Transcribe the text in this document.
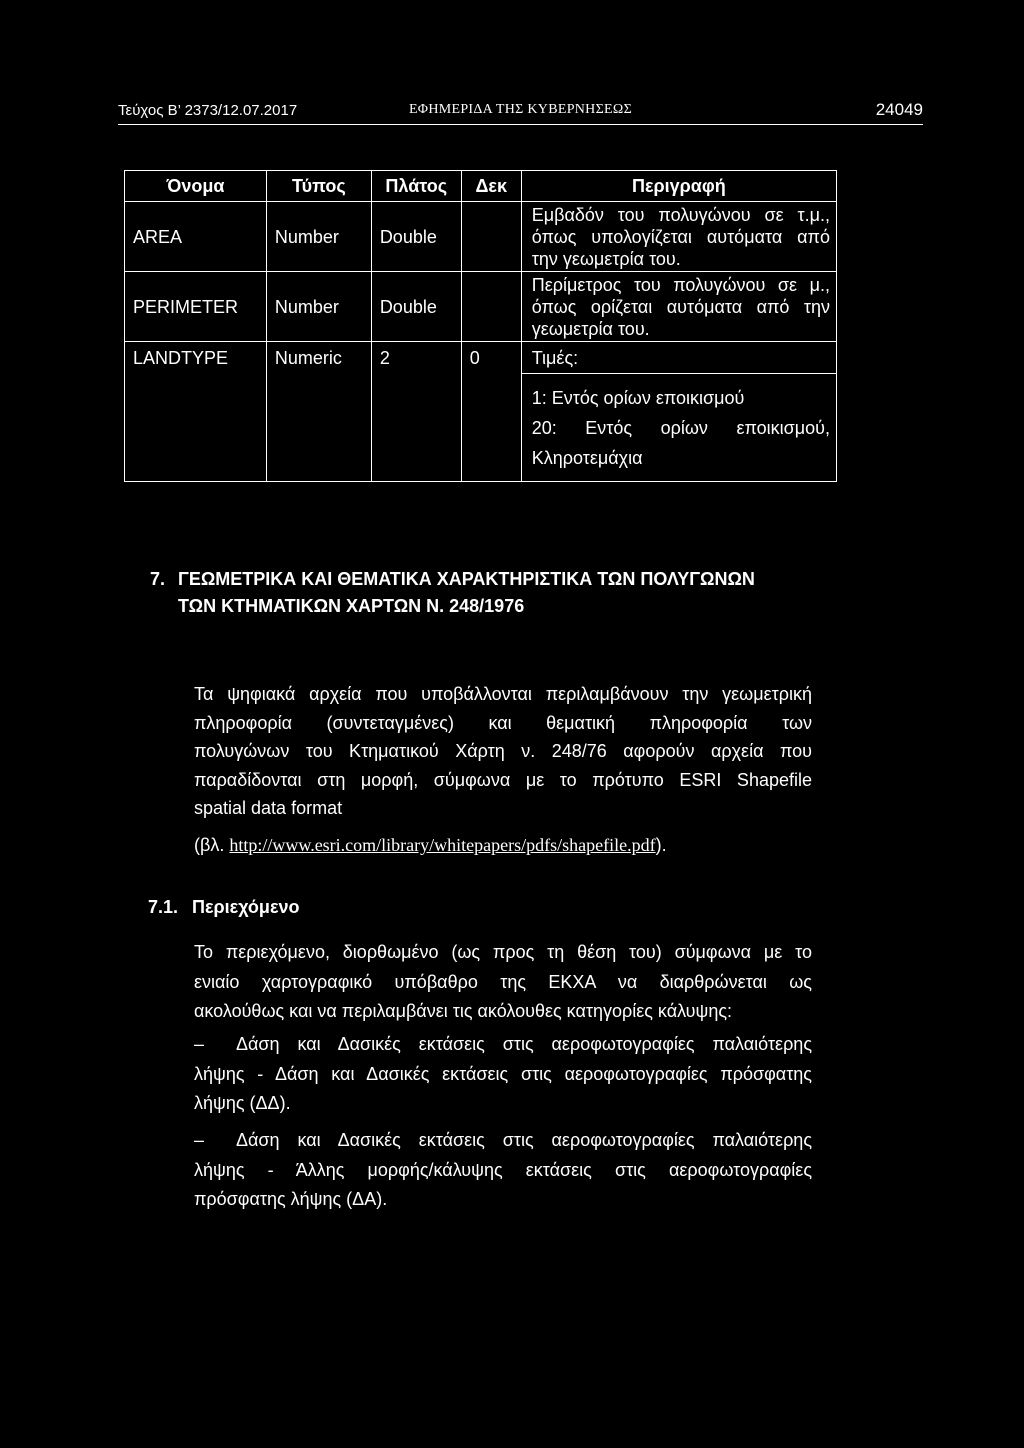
Τεύχος Β’ 2373/12.07.2017	ΕΦΗΜΕΡΙΔΑ ΤΗΣ ΚΥΒΕΡΝΗΣΕΩΣ	24049
Όνομα	Τύπος	Πλάτος	Δεκ	Περιγραφή
AREA	Number	Double		Εμβαδόν του πολυγώνου σε τ.μ.,

όπως υπολογίζεται αυτόματα από

την γεωμετρία του.

PERIMETER	Number	Double		Περίμετρος του πολυγώνου σε μ.,

όπως ορίζεται αυτόματα από την

γεωμετρία του.

LANDTYPE	Numeric	2	0	Τιμές:

				1: Εντός ορίων εποικισμού

20: Εντός ορίων εποικισμού,

Κληροτεμάχια

7. ΓΕΩΜΕΤΡΙΚΑ ΚΑΙ ΘΕΜΑΤΙΚΑ ΧΑΡΑΚΤΗΡΙΣΤΙΚΑ ΤΩΝ ΠΟΛΥΓΩΝΩΝ
ΤΩΝ ΚΤΗΜΑΤΙΚΩΝ ΧΑΡΤΩΝ Ν. 248/1976
Τα ψηφιακά αρχεία που υποβάλλονται περιλαμβάνουν την γεωμετρική
πληροφορία (συντεταγμένες) και θεματική πληροφορία των
πολυγώνων του Κτηματικού Χάρτη ν. 248/76 αφορούν αρχεία που
παραδίδονται στη μορφή, σύμφωνα με το πρότυπο ESRI Shapefile
spatial data format
(βλ. http://www.esri.com/library/whitepapers/pdfs/shapefile.pdf).
7.1. Περιεχόμενο
Το περιεχόμενο, διορθωμένο (ως προς τη θέση του) σύμφωνα με το
ενιαίο χαρτογραφικό υπόβαθρο της ΕΚΧΑ να διαρθρώνεται ως
ακολούθως και να περιλαμβάνει τις ακόλουθες κατηγορίες κάλυψης:
–	Δάση και Δασικές εκτάσεις στις αεροφωτογραφίες παλαιότερης
λήψης - Δάση και Δασικές εκτάσεις στις αεροφωτογραφίες πρόσφατης
λήψης (ΔΔ).
–	Δάση και Δασικές εκτάσεις στις αεροφωτογραφίες παλαιότερης
λήψης - Άλλης μορφής/κάλυψης εκτάσεις στις αεροφωτογραφίες
πρόσφατης λήψης (ΔΑ).
